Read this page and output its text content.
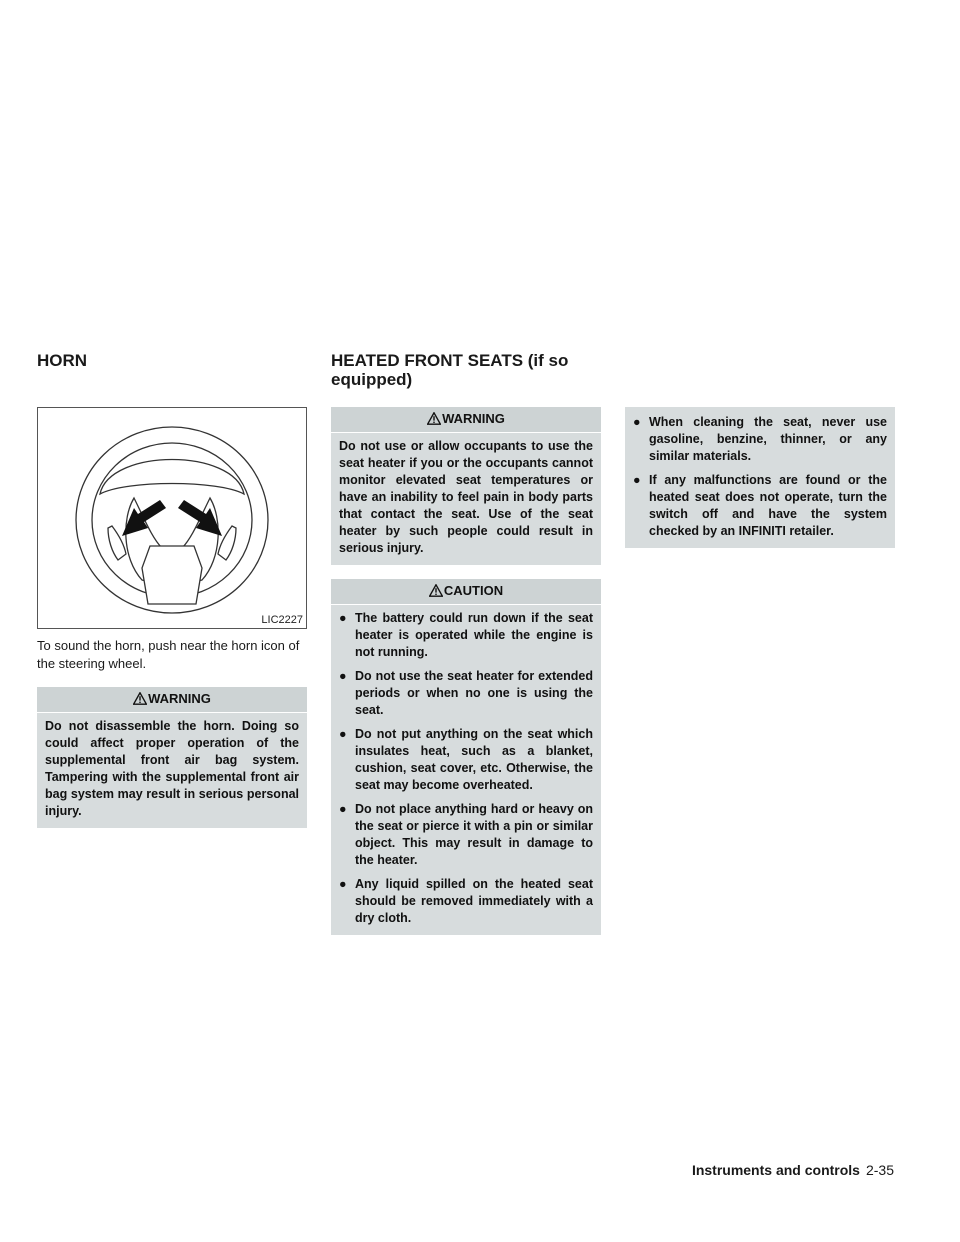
HORN	HEATED FRONT SEATS (if so
equipped)
LIC2227

To sound the horn, push near the horn icon of the steering wheel.

WARNING

Do not disassemble the horn. Doing so could affect proper operation of the supplemental front air bag system. Tampering with the supplemental front air bag system may result in serious personal injury.

WARNING

Do not use or allow occupants to use the seat heater if you or the occupants cannot monitor elevated seat temperatures or have an inability to feel pain in body parts that contact the seat. Use of the seat heater by such people could result in serious injury.

CAUTION
● The battery could run down if the seat heater is operated while the engine is not running.
● Do not use the seat heater for extended periods or when no one is using the seat.
● Do not put anything on the seat which insulates heat, such as a blanket, cushion, seat cover, etc. Otherwise, the seat may become overheated.
● Do not place anything hard or heavy on the seat or pierce it with a pin or similar object. This may result in damage to the heater.
● Any liquid spilled on the heated seat should be removed immediately with a dry cloth.
● When cleaning the seat, never use gasoline, benzine, thinner, or any similar materials.
● If any malfunctions are found or the heated seat does not operate, turn the switch off and have the system checked by an INFINITI retailer.
Instruments and controls 2-35
